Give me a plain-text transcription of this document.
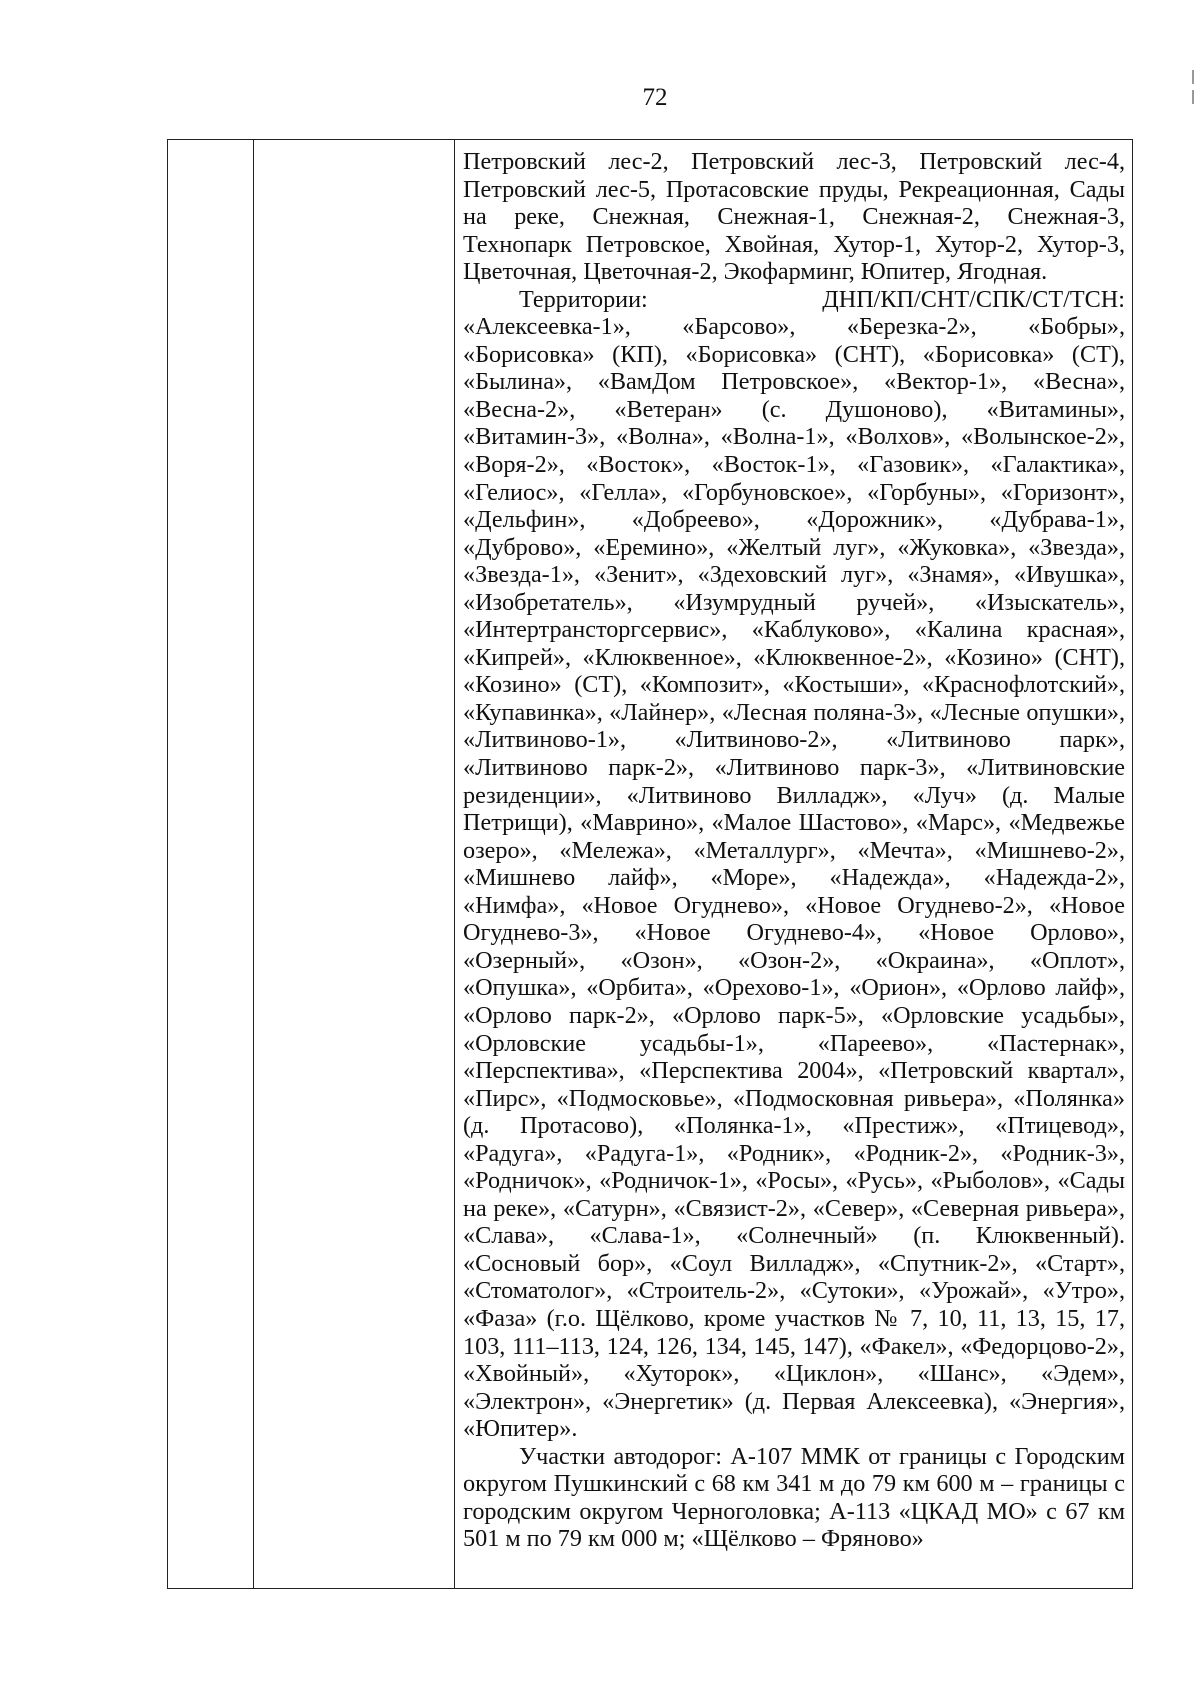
72

Петровский лес-2, Петровский лес-3, Петровский лес-4, Петровский лес-5, Протасовские пруды, Рекреационная, Сады на реке, Снежная, Снежная-1, Снежная-2, Снежная-3, Технопарк Петровское, Хвойная, Хутор-1, Хутор-2, Хутор-3, Цветочная, Цветочная-2, Экофарминг, Юпитер, Ягодная.

Территории: ДНП/КП/СНТ/СПК/СТ/ТСН: «Алексеевка-1», «Барсово», «Березка-2», «Бобры», «Борисовка» (КП), «Борисовка» (СНТ), «Борисовка» (СТ), «Былина», «ВамДом Петровское», «Вектор-1», «Весна», «Весна-2», «Ветеран» (с. Душоново), «Витамины», «Витамин-3», «Волна», «Волна-1», «Волхов», «Волынское-2», «Воря-2», «Восток», «Восток-1», «Газовик», «Галактика», «Гелиос», «Гелла», «Горбуновское», «Горбуны», «Горизонт», «Дельфин», «Добреево», «Дорожник», «Дубрава-1», «Дуброво», «Еремино», «Желтый луг», «Жуковка», «Звезда», «Звезда-1», «Зенит», «Здеховский луг», «Знамя», «Ивушка», «Изобретатель», «Изумрудный ручей», «Изыскатель», «Интертрансторгсервис», «Каблуково», «Калина красная», «Кипрей», «Клюквенное», «Клюквенное-2», «Козино» (СНТ), «Козино» (СТ), «Композит», «Костыши», «Краснофлотский», «Купавинка», «Лайнер», «Лесная поляна-3», «Лесные опушки», «Литвиново-1», «Литвиново-2», «Литвиново парк», «Литвиново парк-2», «Литвиново парк-3», «Литвиновские резиденции», «Литвиново Вилладж», «Луч» (д. Малые Петрищи), «Маврино», «Малое Шастово», «Марс», «Медвежье озеро», «Мележа», «Металлург», «Мечта», «Мишнево-2», «Мишнево лайф», «Море», «Надежда», «Надежда-2», «Нимфа», «Новое Огуднево», «Новое Огуднево-2», «Новое Огуднево-3», «Новое Огуднево-4», «Новое Орлово», «Озерный», «Озон», «Озон-2», «Окраина», «Оплот», «Опушка», «Орбита», «Орехово-1», «Орион», «Орлово лайф», «Орлово парк-2», «Орлово парк-5», «Орловские усадьбы», «Орловские усадьбы-1», «Пареево», «Пастернак», «Перспектива», «Перспектива 2004», «Петровский квартал», «Пирс», «Подмосковье», «Подмосковная ривьера», «Полянка» (д. Протасово), «Полянка-1», «Престиж», «Птицевод», «Радуга», «Радуга-1», «Родник», «Родник-2», «Родник-3», «Родничок», «Родничок-1», «Росы», «Русь», «Рыболов», «Сады на реке», «Сатурн», «Связист-2», «Север», «Северная ривьера», «Слава», «Слава-1», «Солнечный» (п. Клюквенный). «Сосновый бор», «Соул Вилладж», «Спутник-2», «Старт», «Стоматолог», «Строитель-2», «Сутоки», «Урожай», «Утро», «Фаза» (г.о. Щёлково, кроме участков № 7, 10, 11, 13, 15, 17, 103, 111–113, 124, 126, 134, 145, 147), «Факел», «Федорцово-2», «Хвойный», «Хуторок», «Циклон», «Шанс», «Эдем», «Электрон», «Энергетик» (д. Первая Алексеевка), «Энергия», «Юпитер».

Участки автодорог: А-107 ММК от границы с Городским округом Пушкинский с 68 км 341 м до 79 км 600 м – границы с городским округом Черноголовка; А-113 «ЦКАД МО» с 67 км 501 м по 79 км 000 м; «Щёлково – Фряново»
